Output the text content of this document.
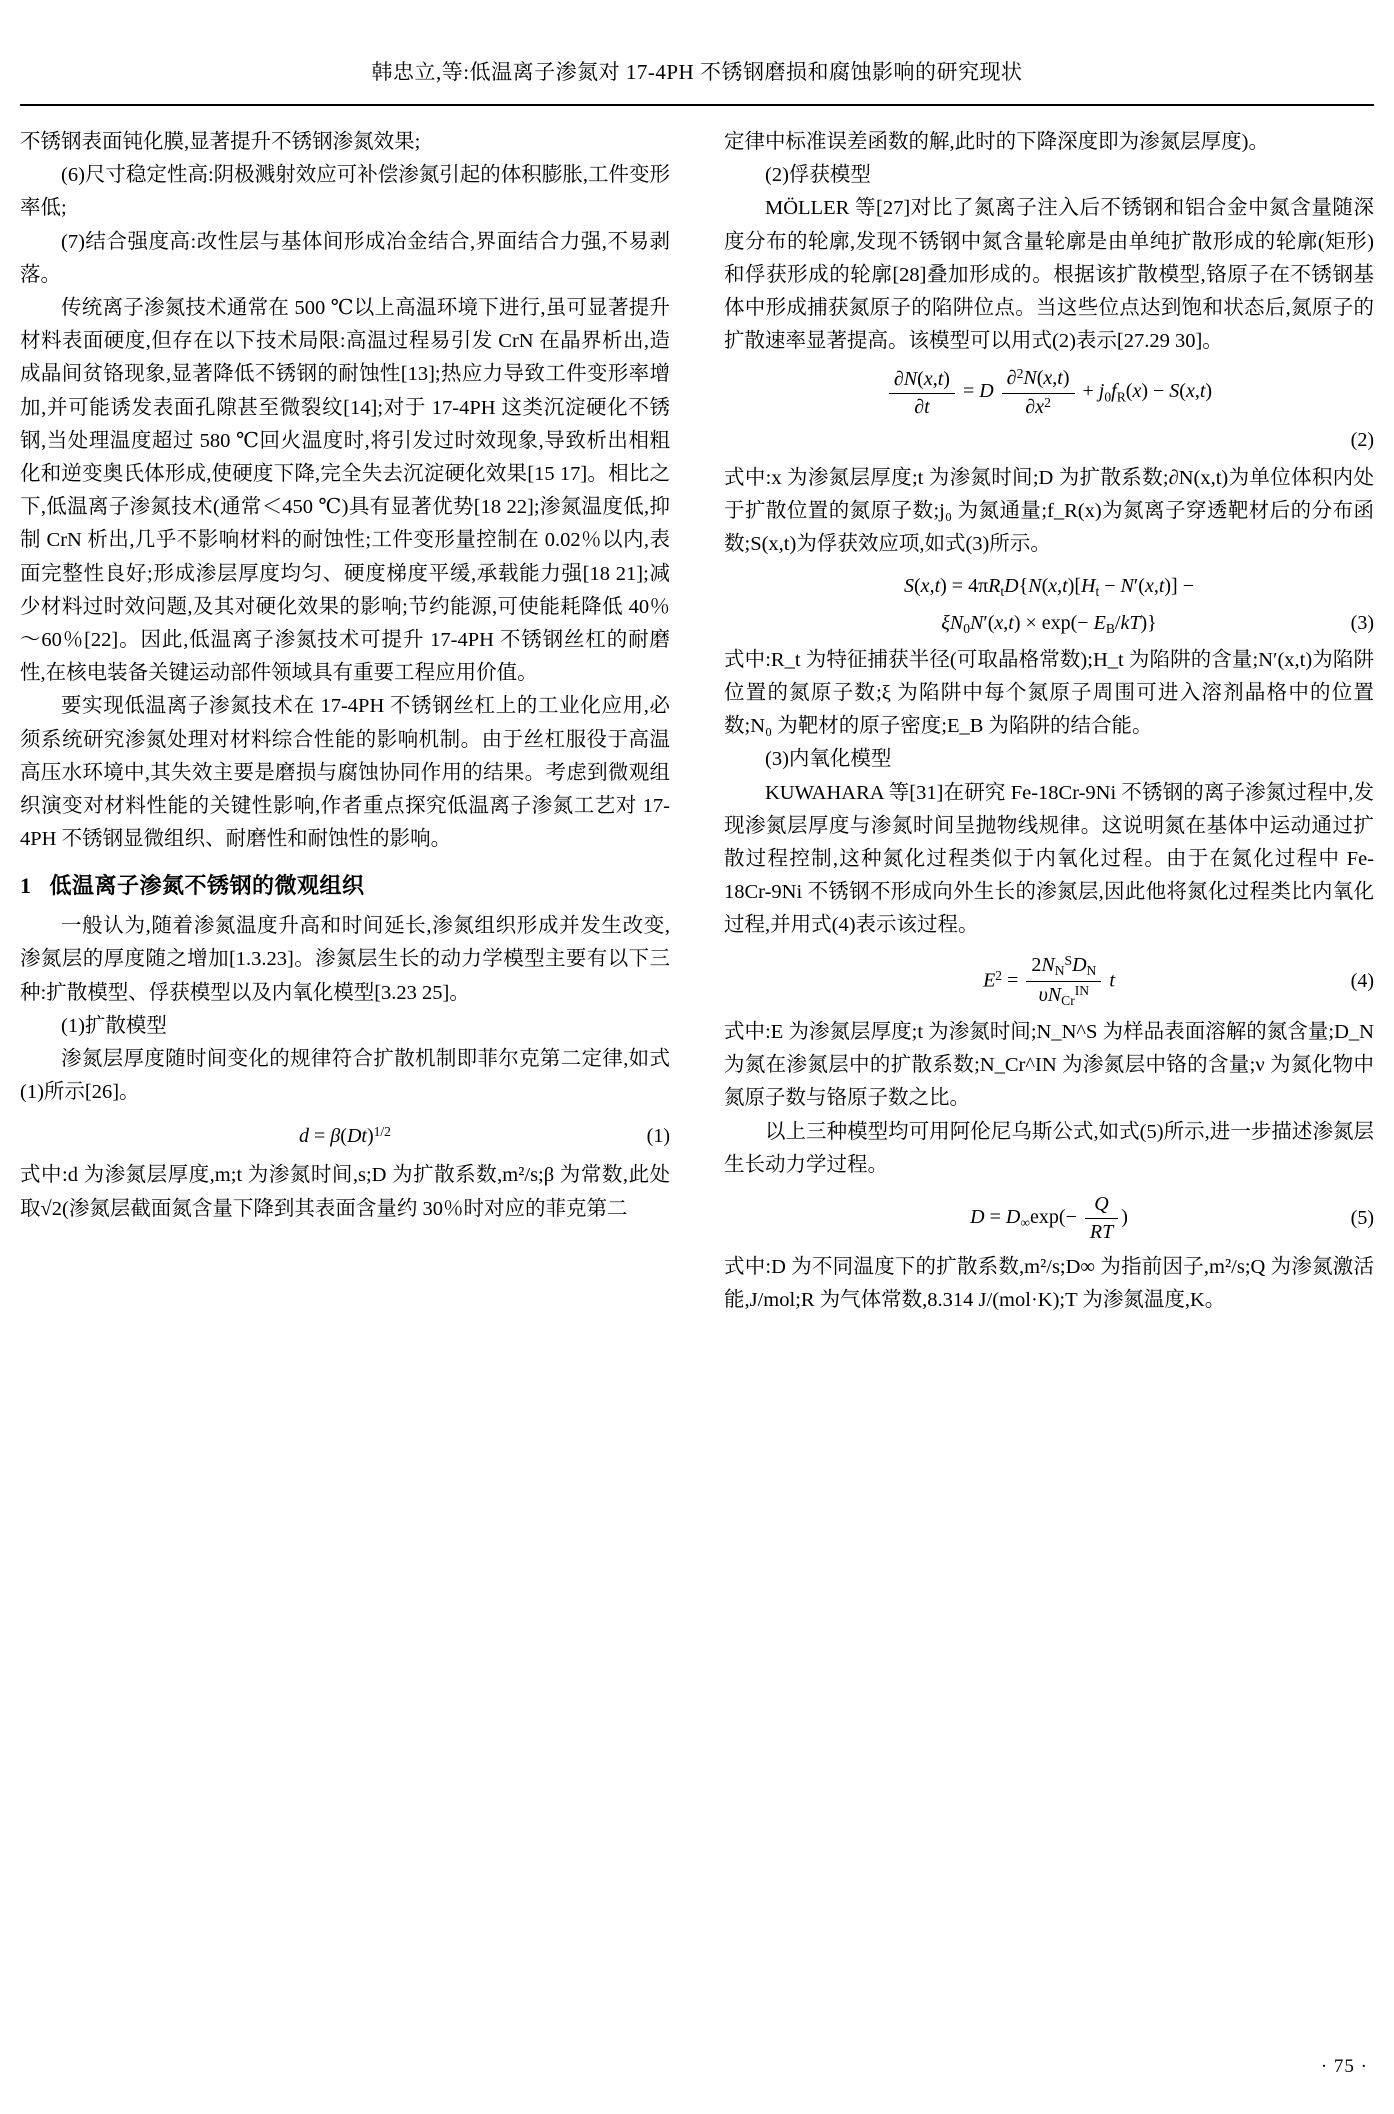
韩忠立,等:低温离子渗氮对 17-4PH 不锈钢磨损和腐蚀影响的研究现状

不锈钢表面钝化膜,显著提升不锈钢渗氮效果;

(6)尺寸稳定性高:阴极溅射效应可补偿渗氮引起的体积膨胀,工件变形率低;

(7)结合强度高:改性层与基体间形成冶金结合,界面结合力强,不易剥落。

传统离子渗氮技术通常在 500 ℃以上高温环境下进行,虽可显著提升材料表面硬度,但存在以下技术局限:高温过程易引发 CrN 在晶界析出,造成晶间贫铬现象,显著降低不锈钢的耐蚀性[13];热应力导致工件变形率增加,并可能诱发表面孔隙甚至微裂纹[14];对于 17-4PH 这类沉淀硬化不锈钢,当处理温度超过 580 ℃回火温度时,将引发过时效现象,导致析出相粗化和逆变奥氏体形成,使硬度下降,完全失去沉淀硬化效果[15 17]。相比之下,低温离子渗氮技术(通常＜450 ℃)具有显著优势[18 22];渗氮温度低,抑制 CrN 析出,几乎不影响材料的耐蚀性;工件变形量控制在 0.02％以内,表面完整性良好;形成渗层厚度均匀、硬度梯度平缓,承载能力强[18 21];减少材料过时效问题,及其对硬化效果的影响;节约能源,可使能耗降低 40％～60％[22]。因此,低温离子渗氮技术可提升 17-4PH 不锈钢丝杠的耐磨性,在核电装备关键运动部件领域具有重要工程应用价值。

要实现低温离子渗氮技术在 17-4PH 不锈钢丝杠上的工业化应用,必须系统研究渗氮处理对材料综合性能的影响机制。由于丝杠服役于高温高压水环境中,其失效主要是磨损与腐蚀协同作用的结果。考虑到微观组织演变对材料性能的关键性影响,作者重点探究低温离子渗氮工艺对 17-4PH 不锈钢显微组织、耐磨性和耐蚀性的影响。

1 低温离子渗氮不锈钢的微观组织

一般认为,随着渗氮温度升高和时间延长,渗氮组织形成并发生改变,渗氮层的厚度随之增加[1.3.23]。渗氮层生长的动力学模型主要有以下三种:扩散模型、俘获模型以及内氧化模型[3.23 25]。

(1)扩散模型

渗氮层厚度随时间变化的规律符合扩散机制即菲尔克第二定律,如式(1)所示[26]。

$d = \beta(Dt)^{1/2}$	(1)

式中:d 为渗氮层厚度,m;t 为渗氮时间,s;D 为扩散系数,m²/s;β 为常数,此处取√2(渗氮层截面氮含量下降到其表面含量约 30％时对应的菲克第二

定律中标准误差函数的解,此时的下降深度即为渗氮层厚度)。

(2)俘获模型

MÖLLER 等[27]对比了氮离子注入后不锈钢和铝合金中氮含量随深度分布的轮廓,发现不锈钢中氮含量轮廓是由单纯扩散形成的轮廓(矩形)和俘获形成的轮廓[28]叠加形成的。根据该扩散模型,铬原子在不锈钢基体中形成捕获氮原子的陷阱位点。当这些位点达到饱和状态后,氮原子的扩散速率显著提高。该模型可以用式(2)表示[27.29 30]。

$\frac{\partial N(x,t)}{\partial t} = D \frac{\partial^2N(x,t)}{\partial x^2} + j_0f_R(x) - S(x,t)$
(2)

式中:x 为渗氮层厚度;t 为渗氮时间;D 为扩散系数;∂N(x,t)为单位体积内处于扩散位置的氮原子数;j₀ 为氮通量;f_R(x)为氮离子穿透靶材后的分布函数;S(x,t)为俘获效应项,如式(3)所示。

$S(x,t) = 4\pi R_tD\{N(x,t)[H_t - N'(x,t)]$ −
$\xi N_0N'(x,t) \times \exp(- E_B/kT)$}	(3)

式中:R_t 为特征捕获半径(可取晶格常数);H_t 为陷阱的含量;N′(x,t)为陷阱位置的氮原子数;ξ 为陷阱中每个氮原子周围可进入溶剂晶格中的位置数;N₀ 为靶材的原子密度;E_B 为陷阱的结合能。

(3)内氧化模型

KUWAHARA 等[31]在研究 Fe-18Cr-9Ni 不锈钢的离子渗氮过程中,发现渗氮层厚度与渗氮时间呈抛物线规律。这说明氮在基体中运动通过扩散过程控制,这种氮化过程类似于内氧化过程。由于在氮化过程中 Fe-18Cr-9Ni 不锈钢不形成向外生长的渗氮层,因此他将氮化过程类比内氧化过程,并用式(4)表示该过程。

$E^2 = \frac{2N_N^SD_N}{\upsilon N_{Cr}^{IN}}$ t	(4)

式中:E 为渗氮层厚度;t 为渗氮时间;N_N^S 为样品表面溶解的氮含量;D_N 为氮在渗氮层中的扩散系数;N_Cr^IN 为渗氮层中铬的含量;ν 为氮化物中氮原子数与铬原子数之比。

以上三种模型均可用阿伦尼乌斯公式,如式(5)所示,进一步描述渗氮层生长动力学过程。

$D = D_\infty\exp(- \frac{Q}{RT}$ )	(5)

式中:D 为不同温度下的扩散系数,m²/s;D∞ 为指前因子,m²/s;Q 为渗氮激活能,J/mol;R 为气体常数,8.314 J/(mol·K);T 为渗氮温度,K。

· 75 ·
